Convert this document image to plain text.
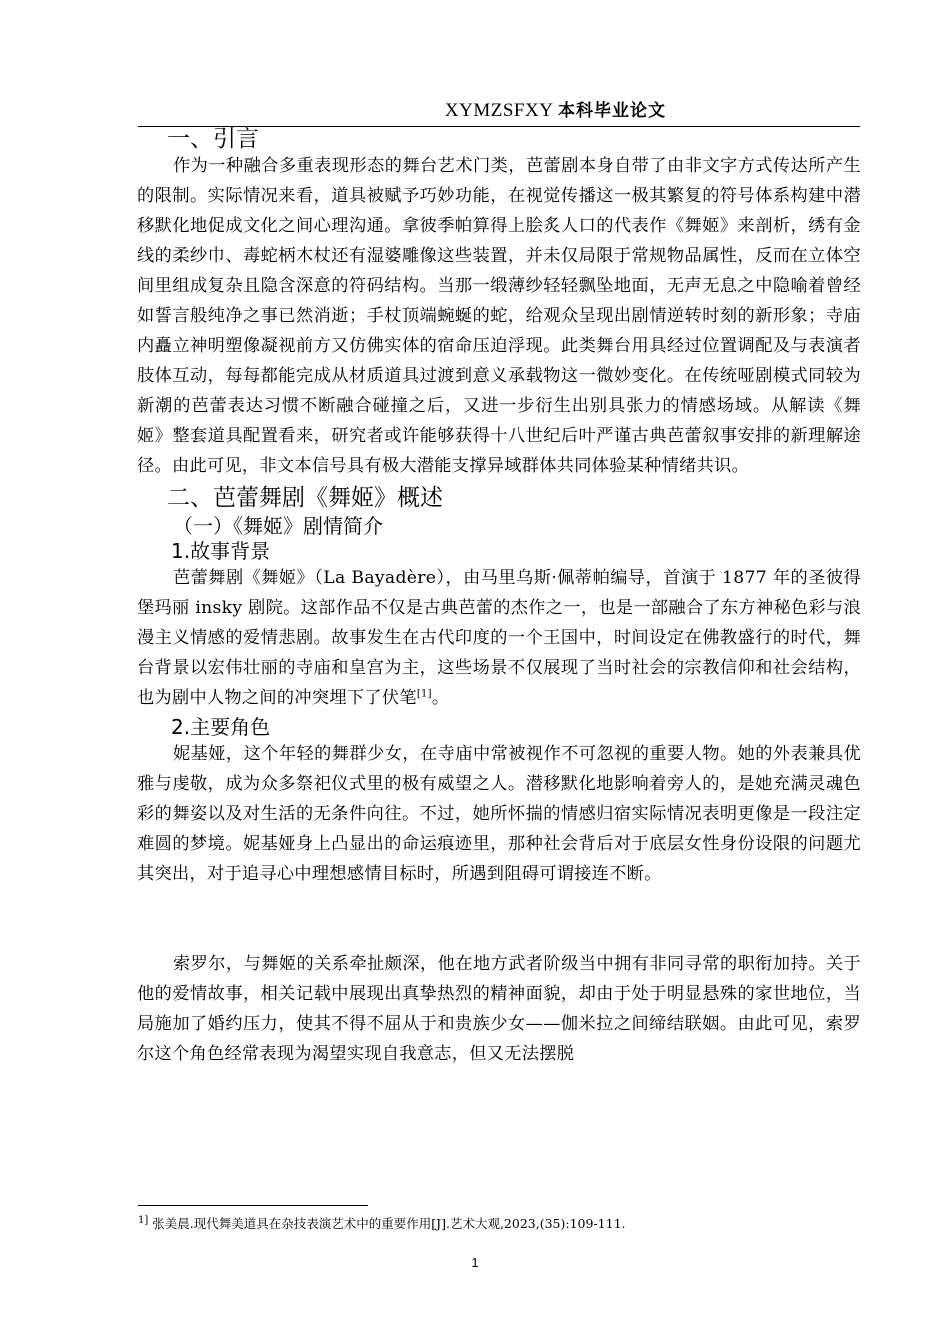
XYMZSFXY 本科毕业论文
一、引言

作为一种融合多重表现形态的舞台艺术门类，芭蕾剧本身自带了由非文字方式传达所产生的限制。实际情况来看，道具被赋予巧妙功能，在视觉传播这一极其繁复的符号体系构建中潜移默化地促成文化之间心理沟通。拿彼季帕算得上脍炙人口的代表作《舞姬》来剖析，绣有金线的柔纱巾、毒蛇柄木杖还有湿婆雕像这些装置，并未仅局限于常规物品属性，反而在立体空间里组成复杂且隐含深意的符码结构。当那一缎薄纱轻轻飘坠地面，无声无息之中隐喻着曾经如誓言般纯净之事已然消逝；手杖顶端蜿蜒的蛇，给观众呈现出剧情逆转时刻的新形象；寺庙内矗立神明塑像凝视前方又仿佛实体的宿命压迫浮现。此类舞台用具经过位置调配及与表演者肢体互动，每每都能完成从材质道具过渡到意义承载物这一微妙变化。在传统哑剧模式同较为新潮的芭蕾表达习惯不断融合碰撞之后，又进一步衍生出别具张力的情感场域。从解读《舞姬》整套道具配置看来，研究者或许能够获得十八世纪后叶严谨古典芭蕾叙事安排的新理解途径。由此可见，非文本信号具有极大潜能支撑异域群体共同体验某种情绪共识。

二、芭蕾舞剧《舞姬》概述
（一）《舞姬》剧情简介
1.故事背景

芭蕾舞剧《舞姬》（La Bayadère），由马里乌斯·佩蒂帕编导，首演于 1877 年的圣彼得堡玛丽 insky 剧院。这部作品不仅是古典芭蕾的杰作之一，也是一部融合了东方神秘色彩与浪漫主义情感的爱情悲剧。故事发生在古代印度的一个王国中，时间设定在佛教盛行的时代，舞台背景以宏伟壮丽的寺庙和皇宫为主，这些场景不仅展现了当时社会的宗教信仰和社会结构，也为剧中人物之间的冲突埋下了伏笔[1]。

2.主要角色

妮基娅，这个年轻的舞群少女，在寺庙中常被视作不可忽视的重要人物。她的外表兼具优雅与虔敬，成为众多祭祀仪式里的极有威望之人。潜移默化地影响着旁人的，是她充满灵魂色彩的舞姿以及对生活的无条件向往。不过，她所怀揣的情感归宿实际情况表明更像是一段注定难圆的梦境。妮基娅身上凸显出的命运痕迹里，那种社会背后对于底层女性身份设限的问题尤其突出，对于追寻心中理想感情目标时，所遇到阻碍可谓接连不断。

索罗尔，与舞姬的关系牵扯颇深，他在地方武者阶级当中拥有非同寻常的职衔加持。关于他的爱情故事，相关记载中展现出真挚热烈的精神面貌，却由于处于明显悬殊的家世地位，当局施加了婚约压力，使其不得不屈从于和贵族少女——伽米拉之间缔结联姻。由此可见，索罗尔这个角色经常表现为渴望实现自我意志，但又无法摆脱

$^{1]}$ 张美晨.现代舞美道具在杂技表演艺术中的重要作用[J].艺术大观,2023,(35):109-111.
1
